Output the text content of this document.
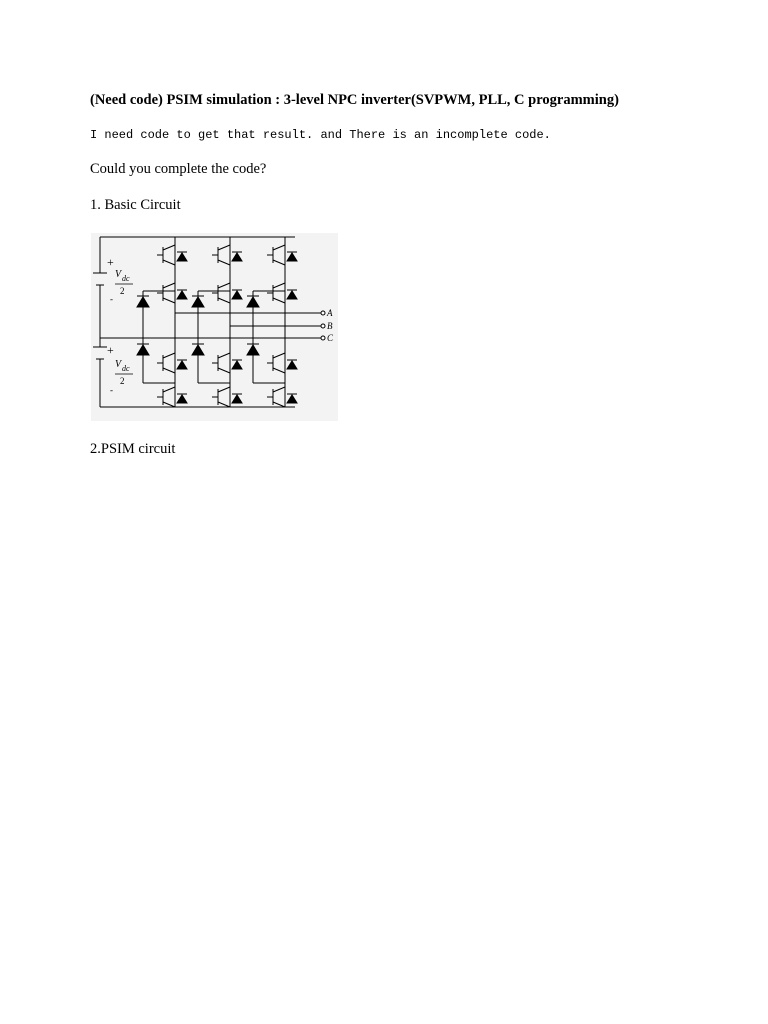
(Need code) PSIM simulation : 3-level NPC inverter(SVPWM, PLL, C programming)
I need code to get that result. and There is an incomplete code.
Could you complete the code?
1. Basic Circuit
+
V dc
2
-
+
V dc
2
-
A
B
C
2.PSIM circuit
